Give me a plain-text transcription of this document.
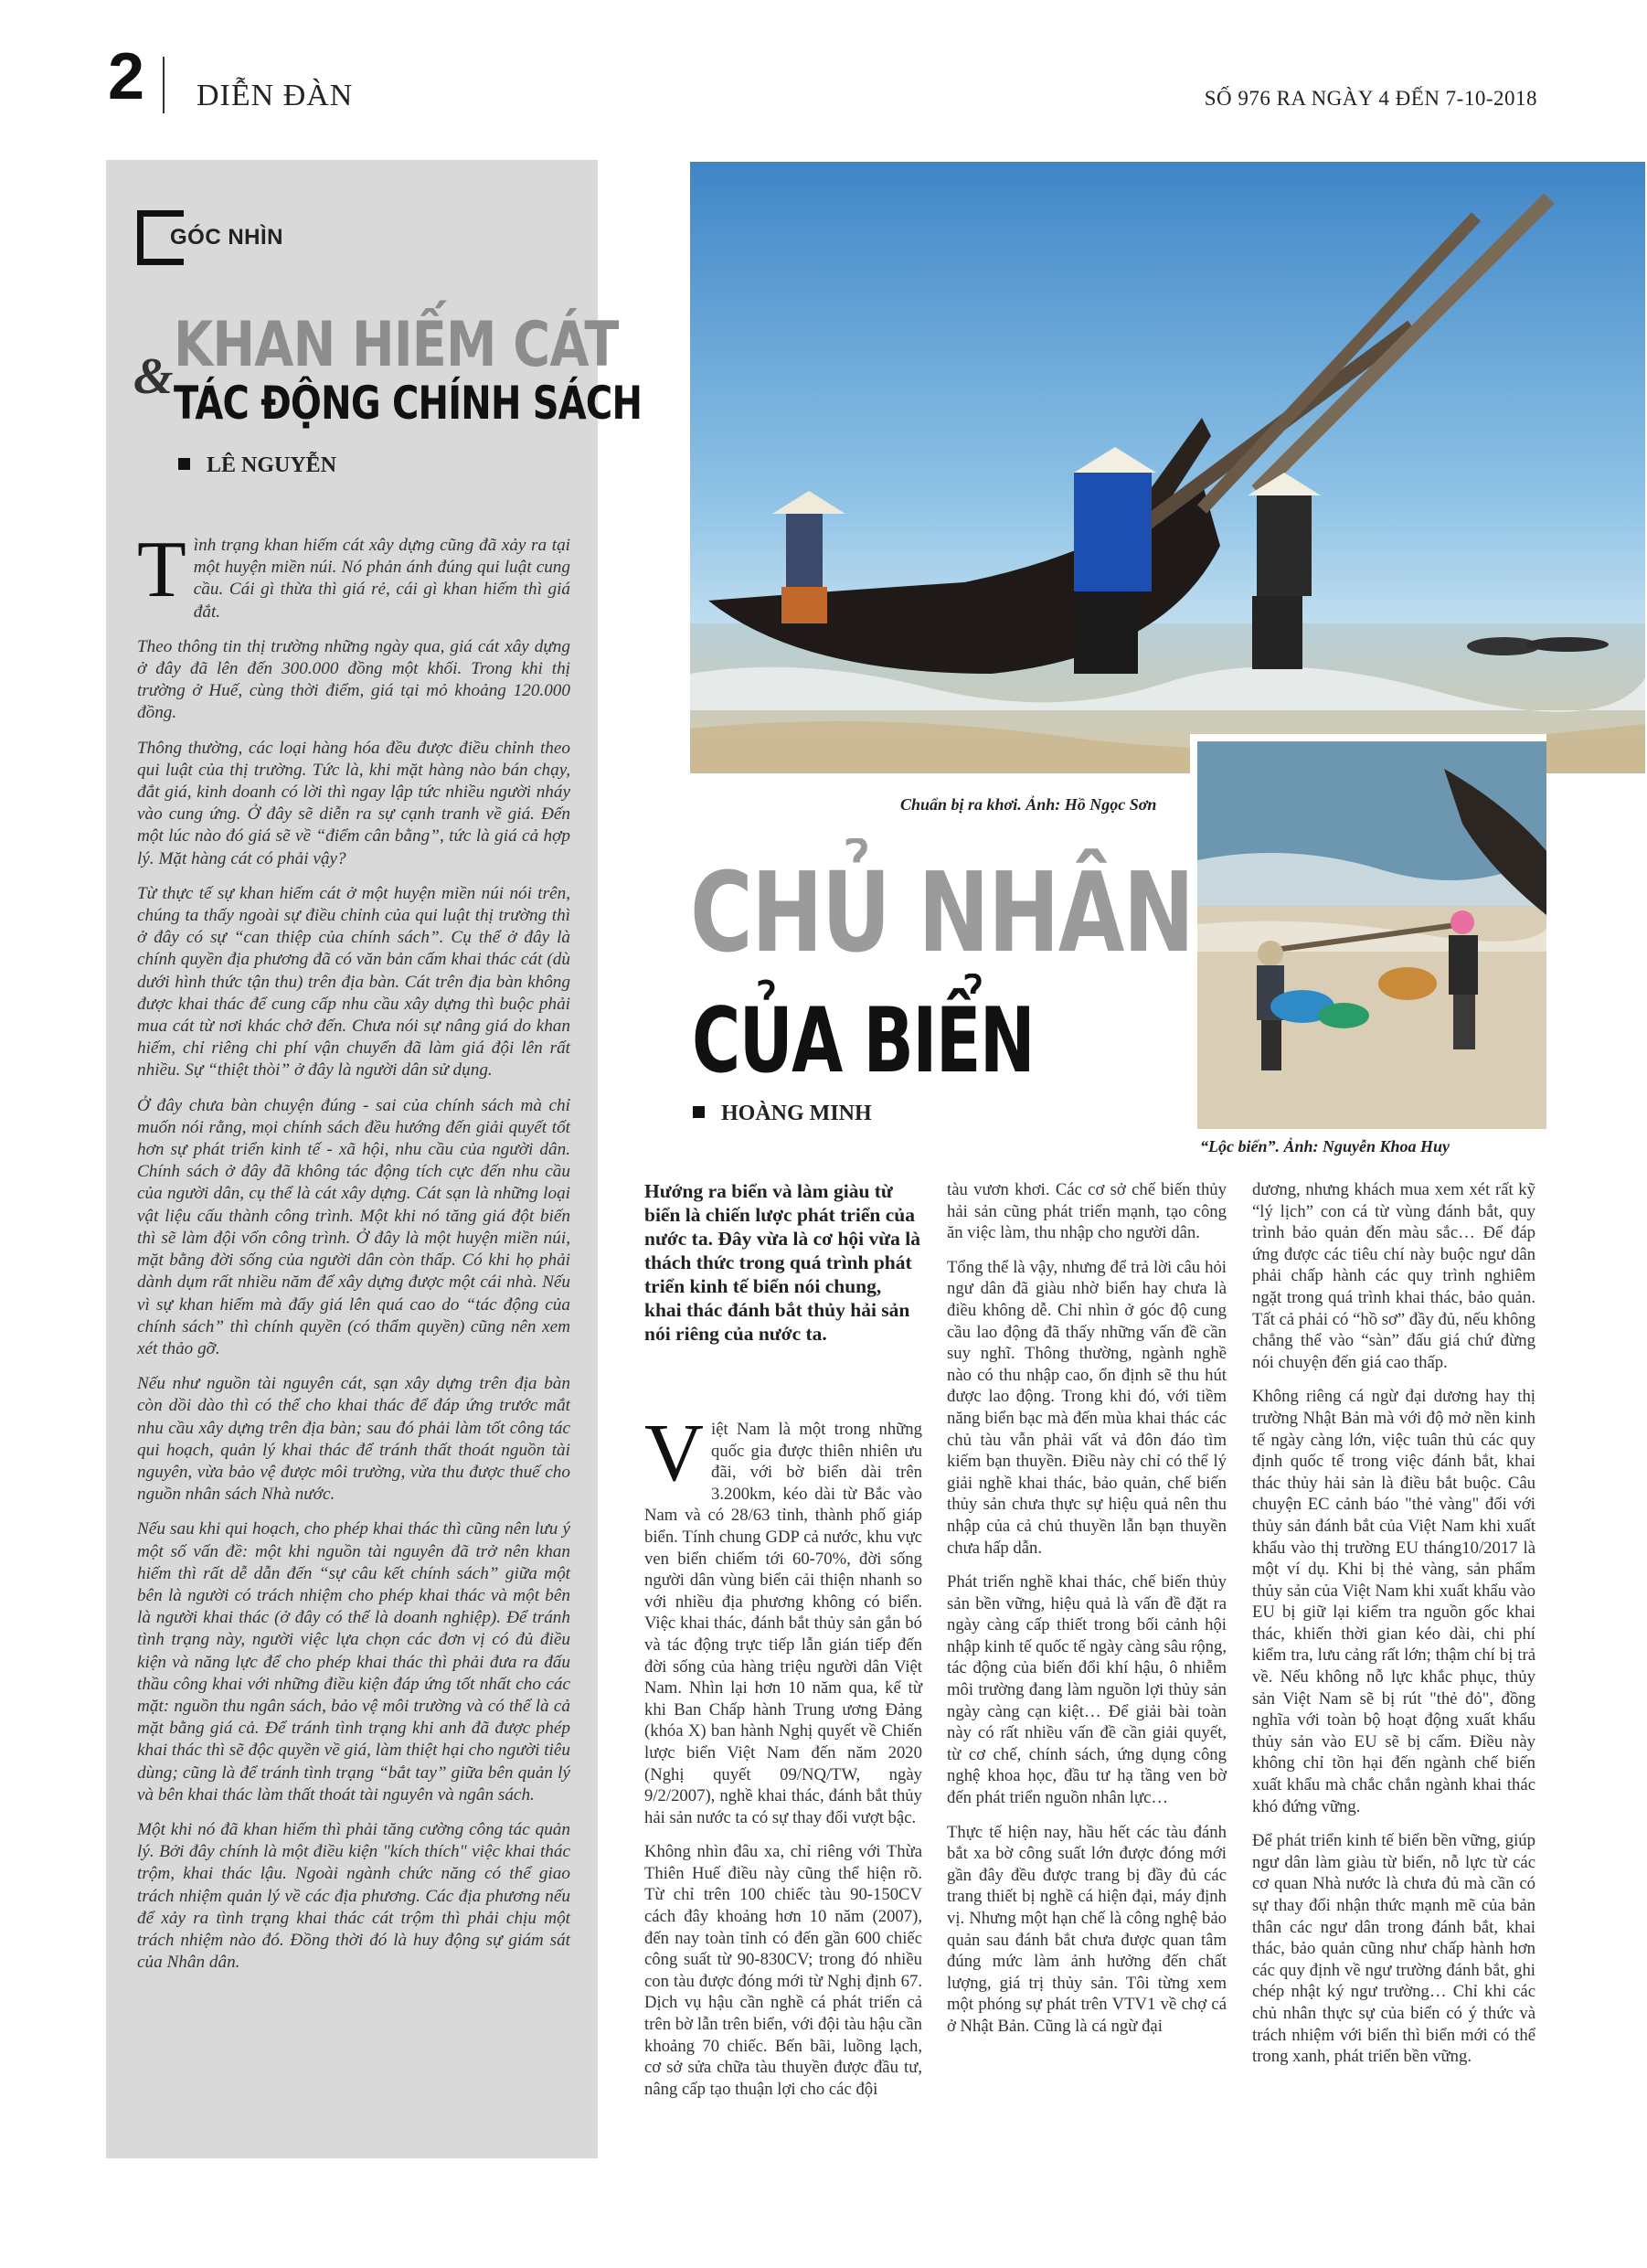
2 DIỄN ĐÀN	SỐ 976 RA NGÀY 4 ĐẾN 7-10-2018
GÓC NHÌN
KHAN HIẾM CÁT
& TÁC ĐỘNG CHÍNH SÁCH
LÊ NGUYỄN

Tình trạng khan hiếm cát xây dựng cũng đã xảy ra tại một huyện miền núi. Nó phản ánh đúng qui luật cung cầu. Cái gì thừa thì giá rẻ, cái gì khan hiếm thì giá đắt.

Theo thông tin thị trường những ngày qua, giá cát xây dựng ở đây đã lên đến 300.000 đồng một khối. Trong khi thị trường ở Huế, cùng thời điểm, giá tại mỏ khoảng 120.000 đồng.

Thông thường, các loại hàng hóa đều được điều chỉnh theo qui luật của thị trường. Tức là, khi mặt hàng nào bán chạy, đắt giá, kinh doanh có lời thì ngay lập tức nhiều người nháy vào cung ứng. Ở đây sẽ diễn ra sự cạnh tranh về giá. Đến một lúc nào đó giá sẽ về “điểm cân bằng”, tức là giá cả hợp lý. Mặt hàng cát có phải vậy?

Từ thực tế sự khan hiếm cát ở một huyện miền núi nói trên, chúng ta thấy ngoài sự điều chỉnh của qui luật thị trường thì ở đây có sự “can thiệp của chính sách”. Cụ thể ở đây là chính quyền địa phương đã có văn bản cấm khai thác cát (dù dưới hình thức tận thu) trên địa bàn. Cát trên địa bàn không được khai thác để cung cấp nhu cầu xây dựng thì buộc phải mua cát từ nơi khác chở đến. Chưa nói sự nâng giá do khan hiếm, chỉ riêng chi phí vận chuyển đã làm giá đội lên rất nhiều. Sự “thiệt thòi” ở đây là người dân sử dụng.

Ở đây chưa bàn chuyện đúng - sai của chính sách mà chỉ muốn nói rằng, mọi chính sách đều hướng đến giải quyết tốt hơn sự phát triển kinh tế - xã hội, nhu cầu của người dân. Chính sách ở đây đã không tác động tích cực đến nhu cầu của người dân, cụ thể là cát xây dựng. Cát sạn là những loại vật liệu cấu thành công trình. Một khi nó tăng giá đột biến thì sẽ làm đội vốn công trình. Ở đây là một huyện miền núi, mặt bằng đời sống của người dân còn thấp. Có khi họ phải dành dụm rất nhiều năm để xây dựng được một cái nhà. Nếu vì sự khan hiếm mà đẩy giá lên quá cao do “tác động của chính sách” thì chính quyền (có thẩm quyền) cũng nên xem xét thảo gỡ.

Nếu như nguồn tài nguyên cát, sạn xây dựng trên địa bàn còn dồi dào thì có thể cho khai thác để đáp ứng trước mắt nhu cầu xây dựng trên địa bàn; sau đó phải làm tốt công tác qui hoạch, quản lý khai thác để tránh thất thoát nguồn tài nguyên, vừa bảo vệ được môi trường, vừa thu được thuế cho nguồn nhân sách Nhà nước.

Nếu sau khi qui hoạch, cho phép khai thác thì cũng nên lưu ý một số vấn đề: một khi nguồn tài nguyên đã trở nên khan hiếm thì rất dễ dẫn đến “sự câu kết chính sách” giữa một bên là người có trách nhiệm cho phép khai thác và một bên là người khai thác (ở đây có thể là doanh nghiệp). Để tránh tình trạng này, người việc lựa chọn các đơn vị có đủ điều kiện và năng lực để cho phép khai thác thì phải đưa ra đấu thầu công khai với những điều kiện đáp ứng tốt nhất cho các mặt: nguồn thu ngân sách, bảo vệ môi trường và có thể là cả mặt bằng giá cả. Để tránh tình trạng khi anh đã được phép khai thác thì sẽ độc quyền về giá, làm thiệt hại cho người tiêu dùng; cũng là để tránh tình trạng “bắt tay” giữa bên quản lý và bên khai thác làm thất thoát tài nguyên và ngân sách.

Một khi nó đã khan hiếm thì phải tăng cường công tác quản lý. Bởi đây chính là một điều kiện "kích thích" việc khai thác trộm, khai thác lậu. Ngoài ngành chức năng có thể giao trách nhiệm quản lý về các địa phương. Các địa phương nếu để xảy ra tình trạng khai thác cát trộm thì phải chịu một trách nhiệm nào đó. Đồng thời đó là huy động sự giám sát của Nhân dân.

Chuẩn bị ra khơi. Ảnh: Hồ Ngọc Sơn
“Lộc biển”. Ảnh: Nguyễn Khoa Huy
CHỦ NHÂN
CỦA BIỂN
HOÀNG MINH
Hướng ra biển và làm giàu từ biển là chiến lược phát triển của nước ta. Đây vừa là cơ hội vừa là thách thức trong quá trình phát triển kinh tế biển nói chung, khai thác đánh bắt thủy hải sản nói riêng của nước ta.

Việt Nam là một trong những quốc gia được thiên nhiên ưu đãi, với bờ biển dài trên 3.200km, kéo dài từ Bắc vào Nam và có 28/63 tỉnh, thành phố giáp biển. Tính chung GDP cả nước, khu vực ven biển chiếm tới 60-70%, đời sống người dân vùng biển cải thiện nhanh so với nhiều địa phương không có biển. Việc khai thác, đánh bắt thủy sản gắn bó và tác động trực tiếp lẫn gián tiếp đến đời sống của hàng triệu người dân Việt Nam. Nhìn lại hơn 10 năm qua, kể từ khi Ban Chấp hành Trung ương Đảng (khóa X) ban hành Nghị quyết về Chiến lược biển Việt Nam đến năm 2020 (Nghị quyết 09/NQ/TW, ngày 9/2/2007), nghề khai thác, đánh bắt thủy hải sản nước ta có sự thay đổi vượt bậc.

Không nhìn đâu xa, chỉ riêng với Thừa Thiên Huế điều này cũng thể hiện rõ. Từ chỉ trên 100 chiếc tàu 90-150CV cách đây khoảng hơn 10 năm (2007), đến nay toàn tỉnh có đến gần 600 chiếc công suất từ 90-830CV; trong đó nhiều con tàu được đóng mới từ Nghị định 67. Dịch vụ hậu cần nghề cá phát triển cả trên bờ lẫn trên biển, với đội tàu hậu cần khoảng 70 chiếc. Bến bãi, luồng lạch, cơ sở sửa chữa tàu thuyền được đầu tư, nâng cấp tạo thuận lợi cho các đội

tàu vươn khơi. Các cơ sở chế biến thủy hải sản cũng phát triển mạnh, tạo công ăn việc làm, thu nhập cho người dân.

Tổng thể là vậy, nhưng để trả lời câu hỏi ngư dân đã giàu nhờ biển hay chưa là điều không dễ. Chỉ nhìn ở góc độ cung cầu lao động đã thấy những vấn đề cần suy nghĩ. Thông thường, ngành nghề nào có thu nhập cao, ổn định sẽ thu hút được lao động. Trong khi đó, với tiềm năng biển bạc mà đến mùa khai thác các chủ tàu vẫn phải vất vả đôn đáo tìm kiếm bạn thuyền. Điều này chỉ có thể lý giải nghề khai thác, bảo quản, chế biến thủy sản chưa thực sự hiệu quả nên thu nhập của cả chủ thuyền lẫn bạn thuyền chưa hấp dẫn.

Phát triển nghề khai thác, chế biến thủy sản bền vững, hiệu quả là vấn đề đặt ra ngày càng cấp thiết trong bối cảnh hội nhập kinh tế quốc tế ngày càng sâu rộng, tác động của biến đổi khí hậu, ô nhiễm môi trường đang làm nguồn lợi thủy sản ngày càng cạn kiệt… Để giải bài toàn này có rất nhiều vấn đề cần giải quyết, từ cơ chế, chính sách, ứng dụng công nghệ khoa học, đầu tư hạ tầng ven bờ đến phát triển nguồn nhân lực…

Thực tế hiện nay, hầu hết các tàu đánh bắt xa bờ công suất lớn được đóng mới gần đây đều được trang bị đầy đủ các trang thiết bị nghề cá hiện đại, máy định vị. Nhưng một hạn chế là công nghệ bảo quản sau đánh bắt chưa được quan tâm đúng mức làm ảnh hưởng đến chất lượng, giá trị thủy sản. Tôi từng xem một phóng sự phát trên VTV1 về chợ cá ở Nhật Bản. Cũng là cá ngừ đại

dương, nhưng khách mua xem xét rất kỹ “lý lịch” con cá từ vùng đánh bắt, quy trình bảo quản đến màu sắc… Để đáp ứng được các tiêu chí này buộc ngư dân phải chấp hành các quy trình nghiêm ngặt trong quá trình khai thác, bảo quản. Tất cả phải có “hồ sơ” đầy đủ, nếu không chẳng thể vào “sàn” đấu giá chứ đừng nói chuyện đến giá cao thấp.

Không riêng cá ngừ đại dương hay thị trường Nhật Bản mà với độ mở nền kinh tế ngày càng lớn, việc tuân thủ các quy định quốc tế trong việc đánh bắt, khai thác thủy hải sản là điều bắt buộc. Câu chuyện EC cảnh báo "thẻ vàng" đối với thủy sản đánh bắt của Việt Nam khi xuất khẩu vào thị trường EU tháng10/2017 là một ví dụ. Khi bị thẻ vàng, sản phẩm thủy sản của Việt Nam khi xuất khẩu vào EU bị giữ lại kiểm tra nguồn gốc khai thác, khiến thời gian kéo dài, chi phí kiểm tra, lưu cảng rất lớn; thậm chí bị trả về. Nếu không nỗ lực khắc phục, thủy sản Việt Nam sẽ bị rút "thẻ đỏ", đồng nghĩa với toàn bộ hoạt động xuất khẩu thủy sản vào EU sẽ bị cấm. Điều này không chỉ tồn hại đến ngành chế biến xuất khẩu mà chắc chắn ngành khai thác khó đứng vững.

Để phát triển kinh tế biển bền vững, giúp ngư dân làm giàu từ biển, nỗ lực từ các cơ quan Nhà nước là chưa đủ mà cần có sự thay đổi nhận thức mạnh mẽ của bản thân các ngư dân trong đánh bắt, khai thác, bảo quản cũng như chấp hành hơn các quy định về ngư trường đánh bắt, ghi chép nhật ký ngư trường… Chỉ khi các chủ nhân thực sự của biển có ý thức và trách nhiệm với biển thì biển mới có thể trong xanh, phát triển bền vững.
